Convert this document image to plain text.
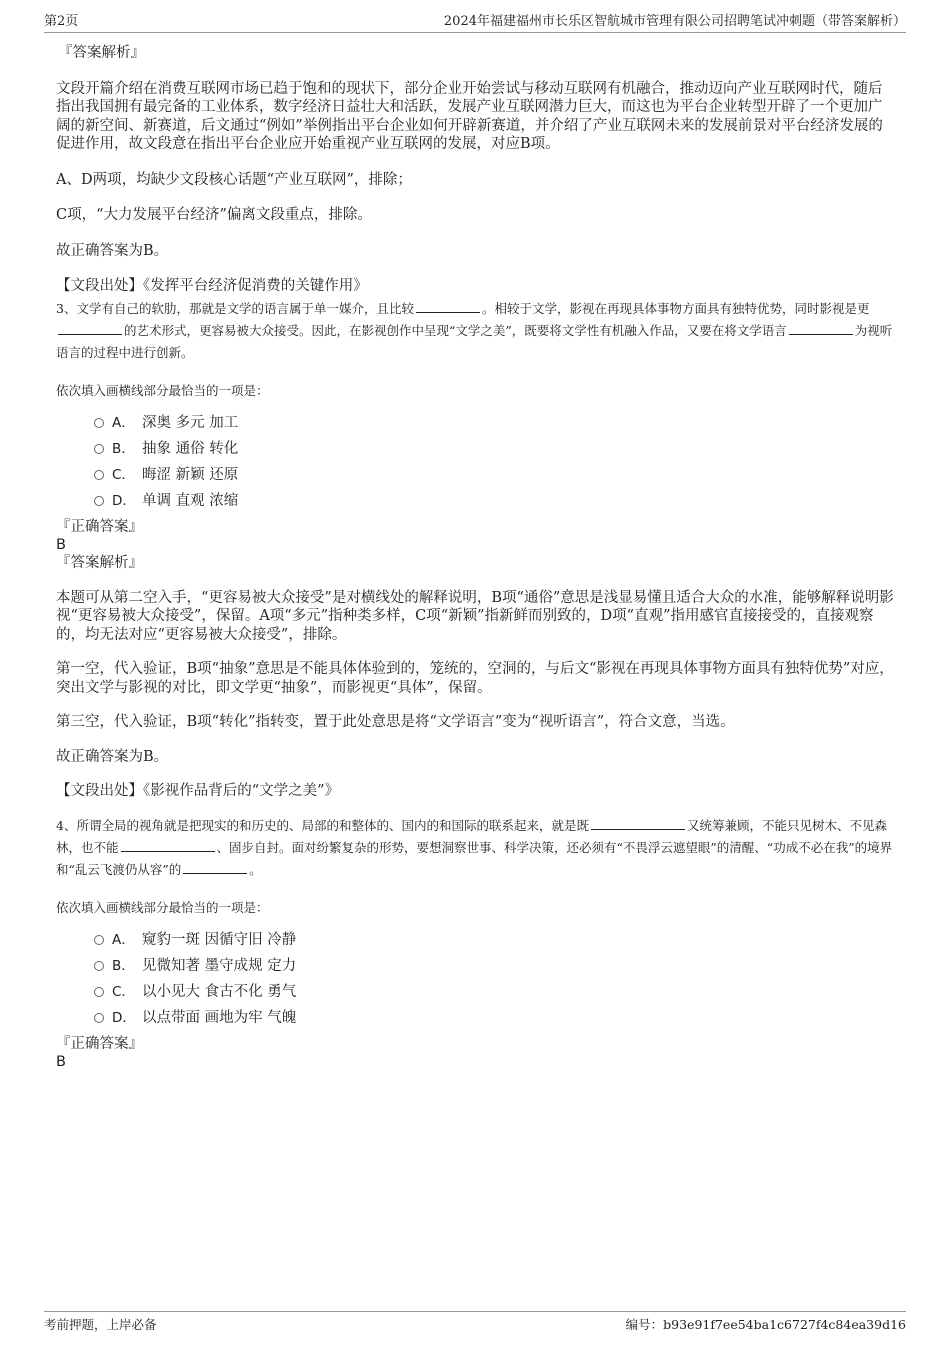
第2页	2024年福建福州市长乐区智航城市管理有限公司招聘笔试冲刺题（带答案解析）

『答案解析』

文段开篇介绍在消费互联网市场已趋于饱和的现状下，部分企业开始尝试与移动互联网有机融合，推动迈向产业互联网时代，随后指出我国拥有最完备的工业体系，数字经济日益壮大和活跃，发展产业互联网潜力巨大，而这也为平台企业转型开辟了一个更加广阔的新空间、新赛道，后文通过“例如”举例指出平台企业如何开辟新赛道，并介绍了产业互联网未来的发展前景对平台经济发展的促进作用，故文段意在指出平台企业应开始重视产业互联网的发展，对应B项。

A、D两项，均缺少文段核心话题“产业互联网”，排除；

C项，“大力发展平台经济”偏离文段重点，排除。

故正确答案为B。

【文段出处】《发挥平台经济促消费的关键作用》

3、文学有自己的软肋，那就是文学的语言属于单一媒介，且比较	。相较于文学，影视在再现具体事物方面具有独特优势，同时影视是更的艺术形式，更容易被大众接受。因此，在影视创作中呈现“文学之美”，既要将文学性有机融入作品，又要在将文学语言	为视听语言的过程中进行创新。

依次填入画横线部分最恰当的一项是：

A． 深奥 多元 加工
B． 抽象 通俗 转化
C． 晦涩 新颖 还原
D． 单调 直观 浓缩

『正确答案』

B

『答案解析』

本题可从第二空入手，“更容易被大众接受”是对横线处的解释说明，B项“通俗”意思是浅显易懂且适合大众的水准，能够解释说明影视“更容易被大众接受”，保留。A项“多元”指种类多样，C项“新颖”指新鲜而别致的，D项“直观”指用感官直接接受的，直接观察的，均无法对应“更容易被大众接受”，排除。

第一空，代入验证，B项“抽象”意思是不能具体体验到的，笼统的，空洞的，与后文“影视在再现具体事物方面具有独特优势”对应，突出文学与影视的对比，即文学更“抽象”，而影视更“具体”，保留。

第三空，代入验证，B项“转化”指转变，置于此处意思是将“文学语言”变为“视听语言”，符合文意，当选。

故正确答案为B。

【文段出处】《影视作品背后的“文学之美”》

4、所谓全局的视角就是把现实的和历史的、局部的和整体的、国内的和国际的联系起来，就是既	又统筹兼顾，不能只见树木、不见森林，也不能	、固步自封。面对纷繁复杂的形势，要想洞察世事、科学决策，还必须有“不畏浮云遮望眼”的清醒、“功成不必在我”的境界和“乱云飞渡仍从容”的	。

依次填入画横线部分最恰当的一项是：

A． 窥豹一斑 因循守旧 冷静
B． 见微知著 墨守成规 定力
C． 以小见大 食古不化 勇气
D． 以点带面 画地为牢 气魄

『正确答案』

B

考前押题，上岸必备	编号：b93e91f7ee54ba1c6727f4c84ea39d16
